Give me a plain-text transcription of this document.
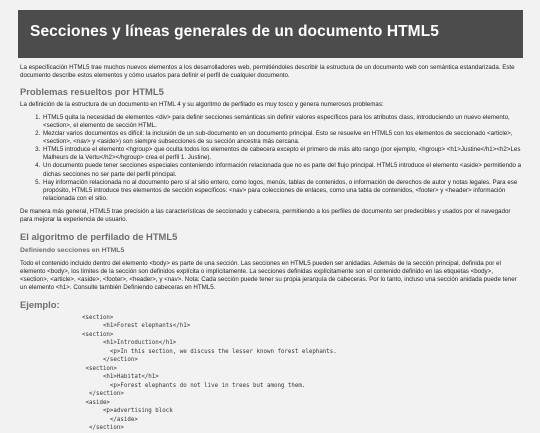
Secciones y líneas generales de un documento HTML5

La especificación HTML5 trae muchos nuevos elementos a los desarrolladores web, permitiéndoles describir la estructura de un documento web con semántica estandarizada. Este documento describe estos elementos y cómo usarlos para definir el perfil de cualquier documento.

Problemas resueltos por HTML5

La definición de la estructura de un documento en HTML 4 y su algoritmo de perfilado es muy tosco y genera numerosos problemas:

1. HTML5 quita la necesidad de elementos <div> para definir secciones semánticas sin definir valores específicos para los atributos class, introduciendo un nuevo elemento, <section>, el elemento de sección HTML.
2. Mezclar varios documentos es difícil: la inclusión de un sub-documento en un documento principal. Esto se resuelve en HTML5 con los elementos de seccionado <article>, <section>, <nav> y <aside>) son siempre subsecciones de su sección ancestra más cercana.
3. HTML5 introduce el elemento <hgroup> que oculta todos los elementos de cabecera excepto el primero de más alto rango (por ejemplo, <hgroup> <h1>Justine</h1><h2>Les Malheurs de la Vertu</h2></hgroup> crea el perfil 1. Justine).
4. Un documento puede tener secciones especiales conteniendo información relacionada que no es parte del flujo principal. HTML5 introduce el elemento <aside> permitiendo a dichas secciones no ser parte del perfil principal.
5. Hay información relacionada no al documento pero sí al sitio entero, como logos, menús, tablas de contenidos, o información de derechos de autor y notas legales. Para ese propósito, HTML5 introduce tres elementos de sección específicos: <nav> para colecciones de enlaces, como una tabla de contenidos, <footer> y <header> información relacionada con el sitio.

De manera más general, HTML5 trae precisión a las características de seccionado y cabecera, permitiendo a los perfiles de documento ser predecibles y usados por el navegador para mejorar la experiencia de usuario.

El algoritmo de perfilado de HTML5
Definiendo secciones en HTML5

Todo el contenido incluido dentro del elemento <body> es parte de una sección. Las secciones en HTML5 pueden ser anidadas. Además de la sección principal, definida por el elemento <body>, los límites de la sección son definidos explícita o implícitamente. La secciones definidas explícitamente son el contenido definido en las etiquetas <body>, <section>, <article>, <aside>, <footer>, <header>, y <nav>. Nota: Cada sección puede tener su propia jerarquía de cabeceras. Por lo tanto, incluso una sección anidada puede tener un elemento <h1>. Consulte también Definiendo cabeceras en HTML5.

Ejemplo:
<section>
<h1>Forest elephants</h1>
<section>
<h1>Introduction</h1>
<p>In this section, we discuss the lesser known forest elephants.
</section>
<section>
<h1>Habitat</h1>
<p>Forest elephants do not live in trees but among them.
</section>
<aside>
<p>advertising block
</aside>
</section>
